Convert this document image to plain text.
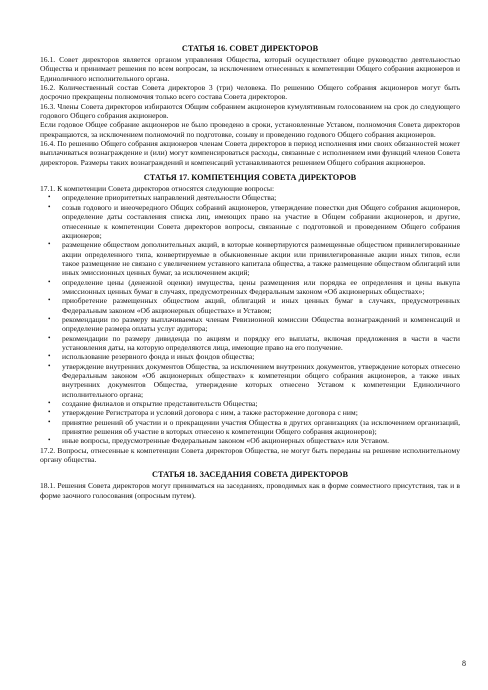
СТАТЬЯ 16. СОВЕТ ДИРЕКТОРОВ

16.1. Совет директоров является органом управления Общества, который осуществляет общее руководство деятельностью Общества и принимает решения по всем вопросам, за исключением отнесенных к компетенции Общего собрания акционеров и Единоличного исполнительного органа.

16.2. Количественный состав Совета директоров 3 (три) человека. По решению Общего собрания акционеров могут быть досрочно прекращены полномочия только всего состава Совета директоров.

16.3. Члены Совета директоров избираются Общим собранием акционеров кумулятивным голосованием на срок до следующего годового Общего собрания акционеров.

Если годовое Общее собрание акционеров не было проведено в сроки, установленные Уставом, полномочия Совета директоров прекращаются, за исключением полномочий по подготовке, созыву и проведению годового Общего собрания акционеров.

16.4. По решению Общего собрания акционеров членам Совета директоров в период исполнения ими своих обязанностей может выплачиваться вознаграждение и (или) могут компенсироваться расходы, связанные с исполнением ими функций членов Совета директоров. Размеры таких вознаграждений и компенсаций устанавливаются решением Общего собрания акционеров.

СТАТЬЯ 17. КОМПЕТЕНЦИЯ СОВЕТА ДИРЕКТОРОВ

17.1. К компетенции Совета директоров относятся следующие вопросы:

• определение приоритетных направлений деятельности Общества;
• созыв годового и внеочередного Общих собраний акционеров, утверждение повестки дня Общего собрания акционеров, определение даты составления списка лиц, имеющих право на участие в Общем собрании акционеров, и другие, отнесенные к компетенции Совета директоров вопросы, связанные с подготовкой и проведением Общего собрания акционеров;
• размещение обществом дополнительных акций, в которые конвертируются размещенные обществом привилегированные акции определенного типа, конвертируемые в обыкновенные акции или привилегированные акции иных типов, если такое размещение не связано с увеличением уставного капитала общества, а также размещение обществом облигаций или иных эмиссионных ценных бумаг, за исключением акций;
• определение цены (денежной оценки) имущества, цены размещения или порядка ее определения и цены выкупа эмиссионных ценных бумаг в случаях, предусмотренных Федеральным законом «Об акционерных обществах»;
• приобретение размещенных обществом акций, облигаций и иных ценных бумаг в случаях, предусмотренных Федеральным законом «Об акционерных обществах» и Уставом;
• рекомендации по размеру выплачиваемых членам Ревизионной комиссии Общества вознаграждений и компенсаций и определение размера оплаты услуг аудитора;
• рекомендации по размеру дивиденда по акциям и порядку его выплаты, включая предложения в части в части установления даты, на которую определяются лица, имеющие право на его получение.
• использование резервного фонда и иных фондов общества;
• утверждение внутренних документов Общества, за исключением внутренних документов, утверждение которых отнесено Федеральным законом «Об акционерных обществах» к компетенции общего собрания акционеров, а также иных внутренних документов Общества, утверждение которых отнесено Уставом к компетенции Единоличного исполнительного органа;
• создание филиалов и открытие представительств Общества;
• утверждение Регистратора и условий договора с ним, а также расторжение договора с ним;
• принятие решений об участии и о прекращении участия Общества в других организациях (за исключением организаций, принятие решения об участие в которых отнесено к компетенции Общего собрания акционеров);
• иные вопросы, предусмотренные Федеральным законом «Об акционерных обществах» или Уставом.

17.2. Вопросы, отнесенные к компетенции Совета директоров Общества, не могут быть переданы на решение исполнительному органу общества.

СТАТЬЯ 18. ЗАСЕДАНИЯ СОВЕТА ДИРЕКТОРОВ

18.1. Решения Совета директоров могут приниматься на заседаниях, проводимых как в форме совместного присутствия, так и в форме заочного голосования (опросным путем).

8
